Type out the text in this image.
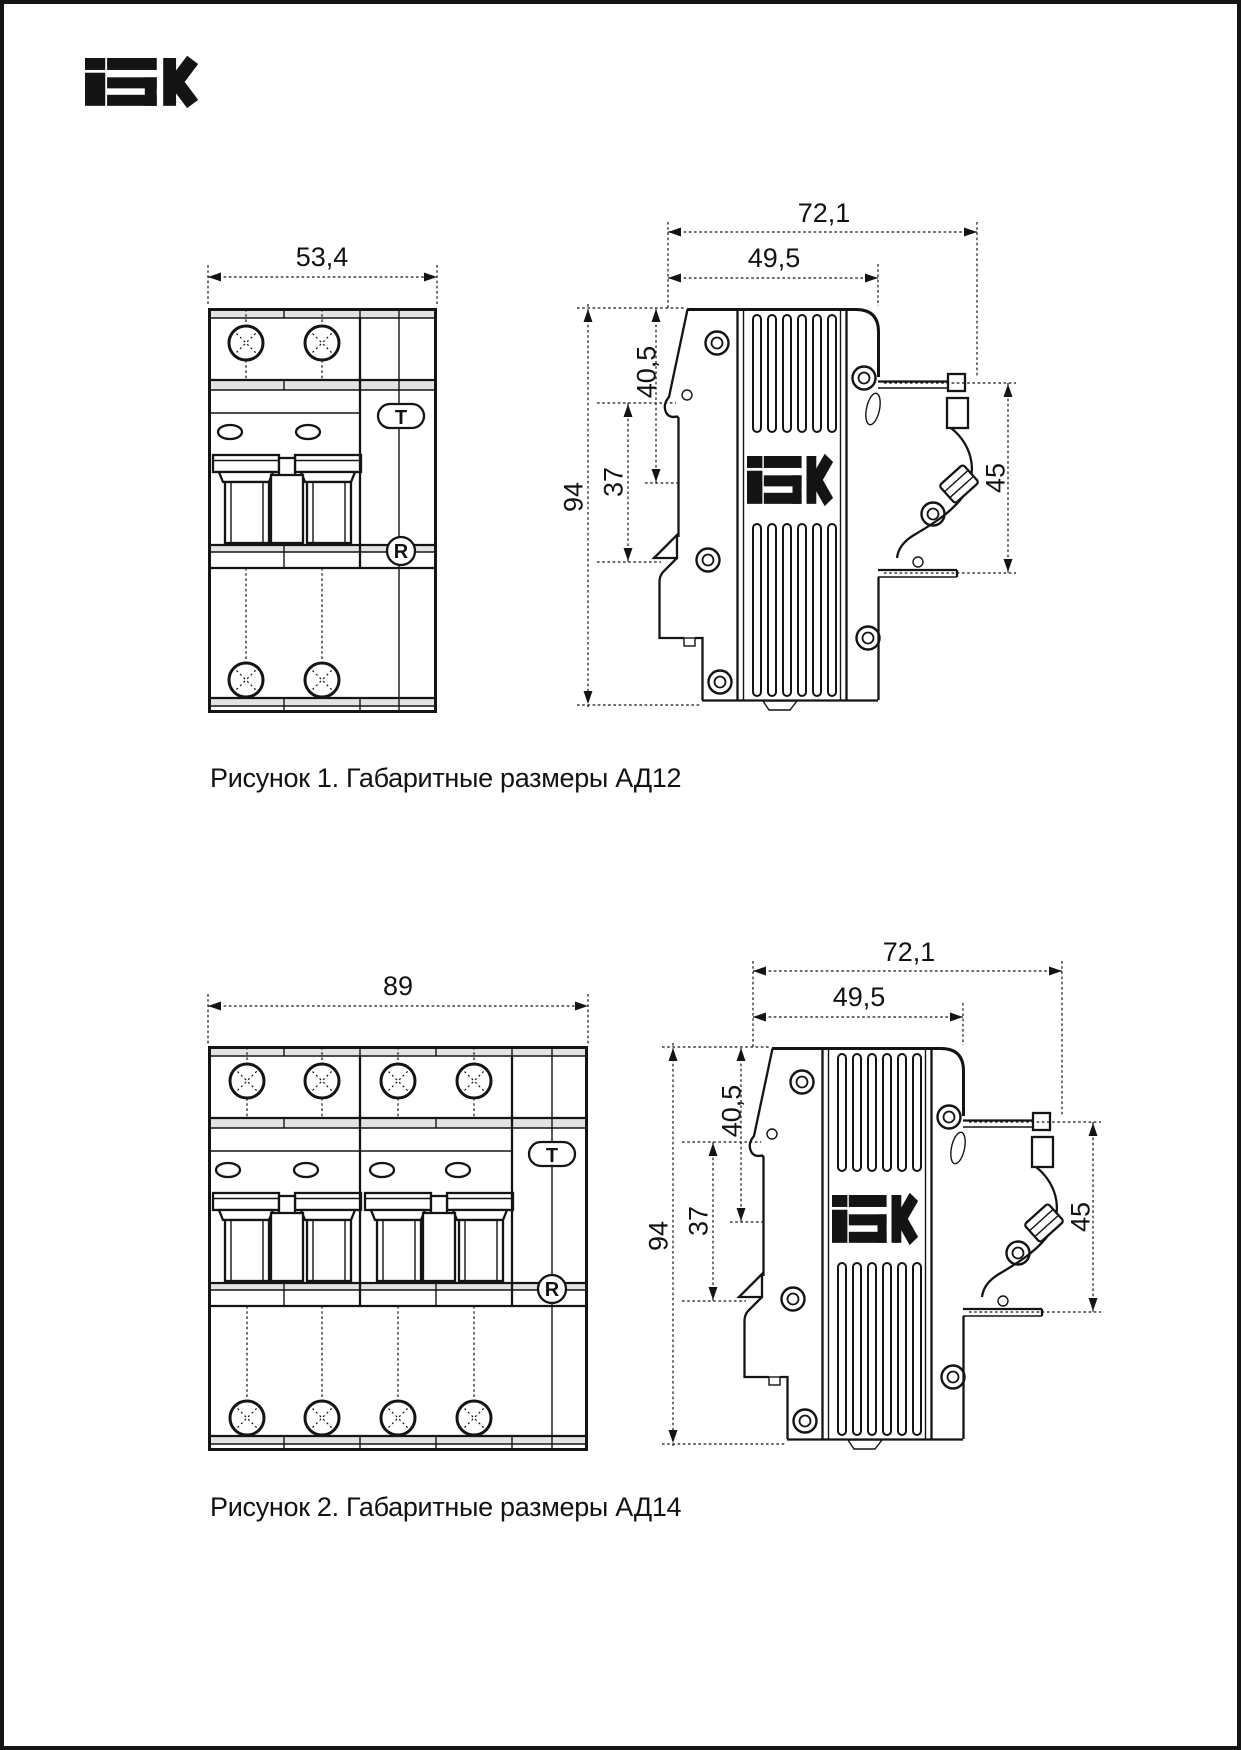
T
R
53,4
72,1
49,5
40,5
37
94
45
T
R
89
72,1
49,5
40,5
37
94
45
Рисунок 1. Габаритные размеры АД12
Рисунок 2. Габаритные размеры АД14
